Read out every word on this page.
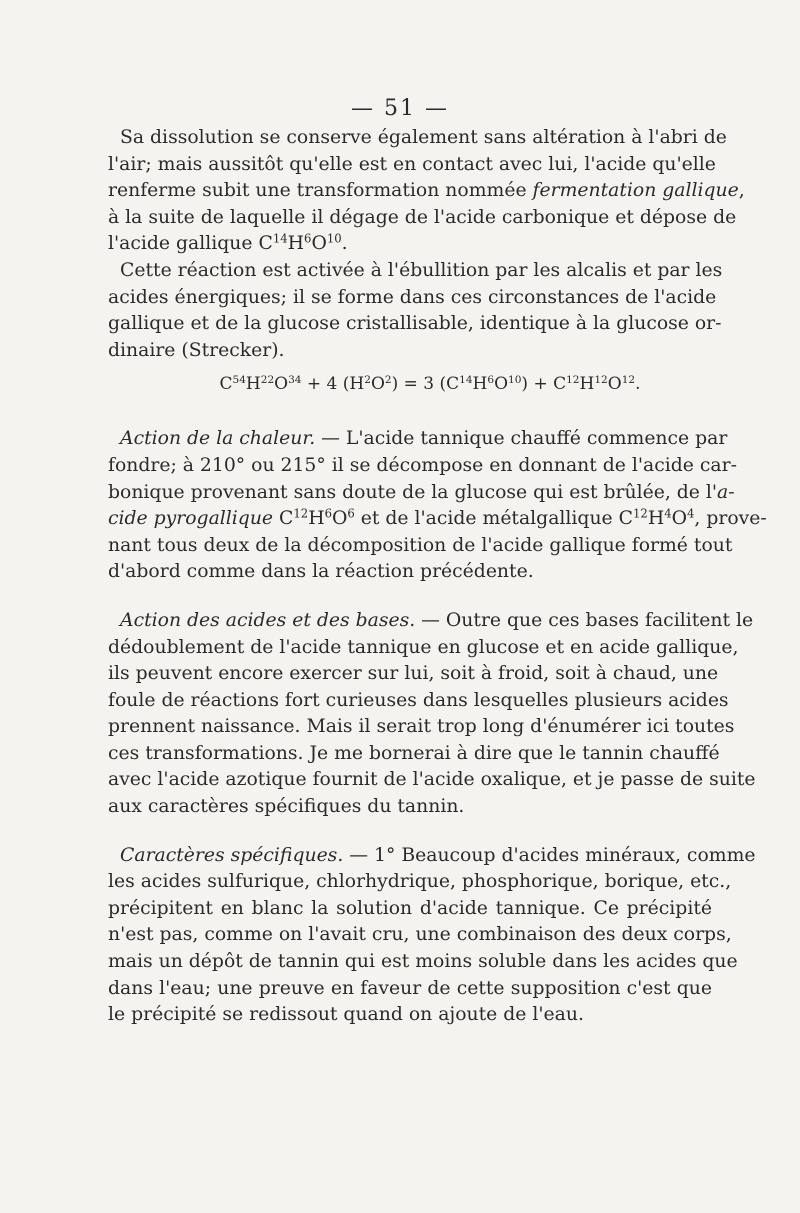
— 51 —
Sa dissolution se conserve également sans altération à l'abri de
l'air; mais aussitôt qu'elle est en contact avec lui, l'acide qu'elle
renferme subit une transformation nommée fermentation gallique,
à la suite de laquelle il dégage de l'acide carbonique et dépose de
l'acide gallique $C^{14}H^6O^{10}$.
Cette réaction est activée à l'ébullition par les alcalis et par les
acides énergiques; il se forme dans ces circonstances de l'acide
gallique et de la glucose cristallisable, identique à la glucose or-
dinaire (Strecker).
$C^{54}H^{22}O^{34} + 4$ $(H^2O^2) = 3$ $(C^{14}H^6O^{10}) + C^{12}H^{12}O^{12}$.
Action de la chaleur. — L'acide tannique chauffé commence par
fondre; à 210° ou 215° il se décompose en donnant de l'acide car-
bonique provenant sans doute de la glucose qui est brûlée, de l'a-
cide pyrogallique $C^{12}H^6O^6$ et de l'acide métalgallique $C^{12}H^4O^4$, prove-
nant tous deux de la décomposition de l'acide gallique formé tout
d'abord comme dans la réaction précédente.
Action des acides et des bases. — Outre que ces bases facilitent le
dédoublement de l'acide tannique en glucose et en acide gallique,
ils peuvent encore exercer sur lui, soit à froid, soit à chaud, une
foule de réactions fort curieuses dans lesquelles plusieurs acides
prennent naissance. Mais il serait trop long d'énumérer ici toutes
ces transformations. Je me bornerai à dire que le tannin chauffé
avec l'acide azotique fournit de l'acide oxalique, et je passe de suite
aux caractères spécifiques du tannin.
Caractères spécifiques. — 1° Beaucoup d'acides minéraux, comme
les acides sulfurique, chlorhydrique, phosphorique, borique, etc.,
précipitent en blanc la solution d'acide tannique. Ce précipité
n'est pas, comme on l'avait cru, une combinaison des deux corps,
mais un dépôt de tannin qui est moins soluble dans les acides que
dans l'eau; une preuve en faveur de cette supposition c'est que
le précipité se redissout quand on ajoute de l'eau.
